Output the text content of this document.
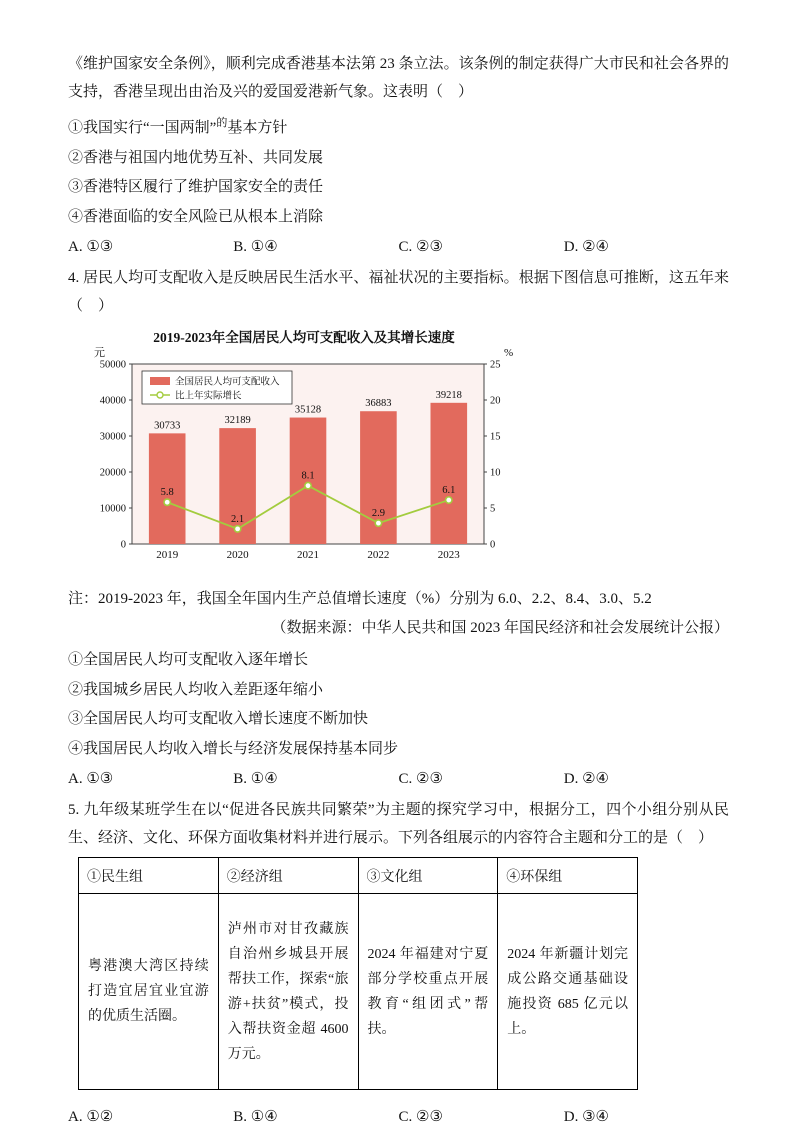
《维护国家安全条例》，顺利完成香港基本法第 23 条立法。该条例的制定获得广大市民和社会各界的支持，香港呈现出由治及兴的爱国爱港新气象。这表明（　）

①我国实行“一国两制”$^的$基本方针
②香港与祖国内地优势互补、共同发展
③香港特区履行了维护国家安全的责任
④香港面临的安全风险已从根本上消除
A. ①③	B. ①④	C. ②③	D. ②④

4. 居民人均可支配收入是反映居民生活水平、福祉状况的主要指标。根据下图信息可推断，这五年来（　）

2019-2023年全国居民人均可支配收入及其增长速度
元	%
0
10000
20000
30000
40000
50000
0
5
10
15
20
25
30733
2019
32189
2020
35128
2021
36883
2022
39218
2023
5.8
2.1
8.1
2.9
6.1
全国居民人均可支配收入
比上年实际增长

注：2019-2023 年，我国全年国内生产总值增长速度（%）分别为 6.0、2.2、8.4、3.0、5.2

（数据来源：中华人民共和国 2023 年国民经济和社会发展统计公报）

①全国居民人均可支配收入逐年增长
②我国城乡居民人均收入差距逐年缩小
③全国居民人均可支配收入增长速度不断加快
④我国居民人均收入增长与经济发展保持基本同步
A. ①③	B. ①④	C. ②③	D. ②④

5. 九年级某班学生在以“促进各民族共同繁荣”为主题的探究学习中，根据分工，四个小组分别从民生、经济、文化、环保方面收集材料并进行展示。下列各组展示的内容符合主题和分工的是（　）

①民生组	②经济组	③文化组	④环保组
粤港澳大湾区持续打造宜居宜业宜游的优质生活圈。	泸州市对甘孜藏族自治州乡城县开展帮扶工作，探索“旅游+扶贫”模式，投入帮扶资金超 4600 万元。	2024 年福建对宁夏部分学校重点开展教育“组团式”帮扶。	2024 年新疆计划完成公路交通基础设施投资 685 亿元以上。
A. ①②	B. ①④	C. ②③	D. ③④
